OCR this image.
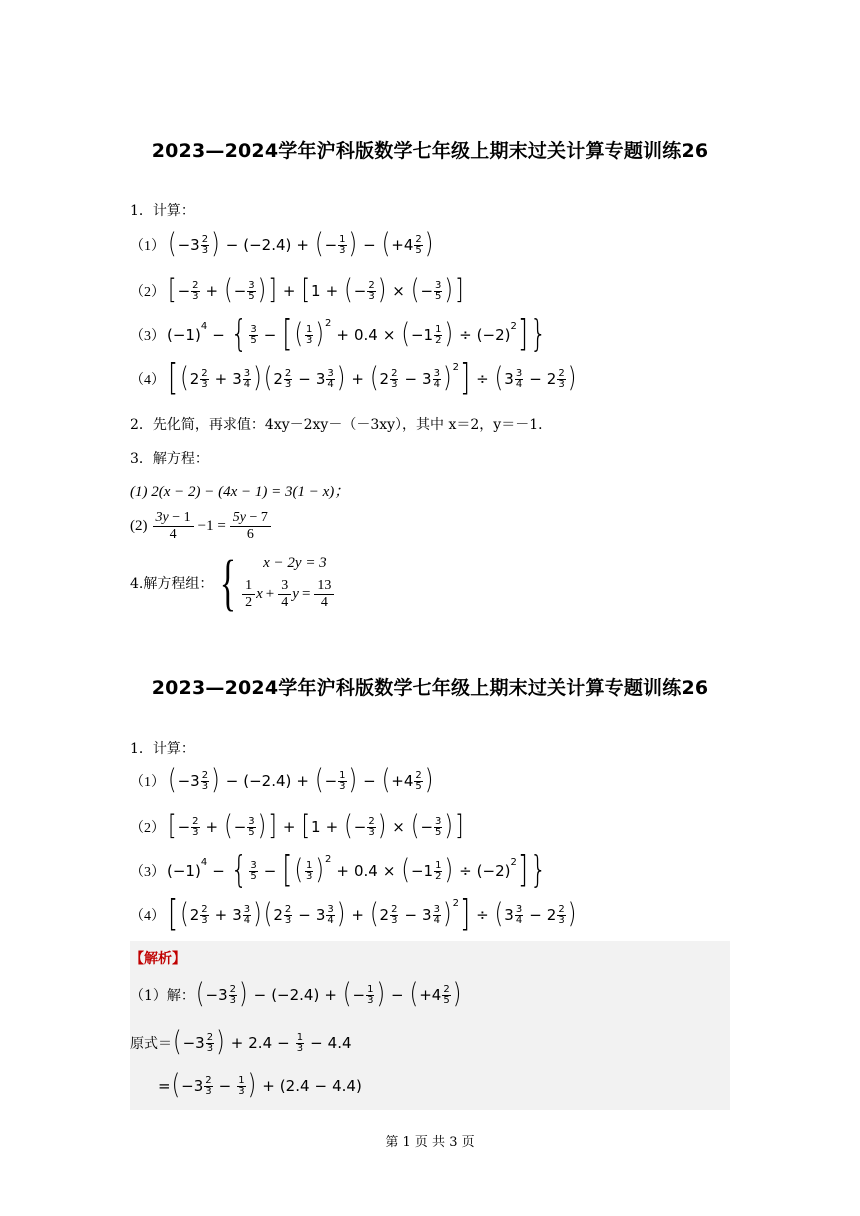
2023—2024学年沪科版数学七年级上期末过关计算专题训练26
1．计算：
（1） ( $-3 \frac{2}{3}$ ) − (−2.4) + ( − $\frac{1}{3}$ ) − ( $+4 \frac{2}{5}$ )
（2） [ − $\frac{2}{3}$ + ( − $\frac{3}{5}$ ) ] + [ 1 + ( − $\frac{2}{3}$ ) × ( − $\frac{3}{5}$ ) ]
（3） (−1) 4 − { $\frac{3}{5}$ − [ ( $\frac{1}{3}$ ) 2
+ 0.4 × ( $-1 \frac{1}{2}$ ) ÷ (−2) 2 ] }
（4） [ ( $2 \frac{2}{3} + 3 \frac{3}{4}$ ) ( $2 \frac{2}{3} - 3 \frac{3}{4}$ ) + ( $2 \frac{2}{3} - 3 \frac{3}{4}$ ) 2 ] ÷ ( $3 \frac{3}{4} - 2 \frac{2}{3}$ )
2．先化简，再求值：4xy－2xy－（－3xy），其中 x＝2，y＝－1．
3．解方程：
(1) 2(x − 2) − (4x − 1) = 3(1 − x)；
$(2) \frac{3y - 1}{4} -1 = \frac{5y - 7}{6}$
4.解方程组： { x − 2y = 3
$\frac{1}{2}$ $x + \frac{3}{4}$ $y = \frac{13}{4}$
2023—2024学年沪科版数学七年级上期末过关计算专题训练26
1．计算：
（1） ( $-3 \frac{2}{3}$ ) − (−2.4) + ( − $\frac{1}{3}$ ) − ( $+4 \frac{2}{5}$ )
（2） [ − $\frac{2}{3}$ + ( − $\frac{3}{5}$ ) ] + [ 1 + ( − $\frac{2}{3}$ ) × ( − $\frac{3}{5}$ ) ]
（3） (−1) 4 − { $\frac{3}{5}$ − [ ( $\frac{1}{3}$ ) 2
+ 0.4 × ( $-1 \frac{1}{2}$ ) ÷ (−2) 2 ] }
（4） [ ( $2 \frac{2}{3} + 3 \frac{3}{4}$ ) ( $2 \frac{2}{3} - 3 \frac{3}{4}$ ) + ( $2 \frac{2}{3} - 3 \frac{3}{4}$ ) 2 ] ÷ ( $3 \frac{3}{4} - 2 \frac{2}{3}$ )
【解析】
（1）解： ( $-3 \frac{2}{3}$ ) − (−2.4) + ( − $\frac{1}{3}$ ) − ( $+4 \frac{2}{5}$ )
原式＝ ( $-3 \frac{2}{3}$ ) + $2.4 - \frac{1}{3} - 4.4$
= ( $-3 \frac{2}{3} - \frac{1}{3}$ ) + (2.4 − 4.4)
第 1 页 共 3 页
